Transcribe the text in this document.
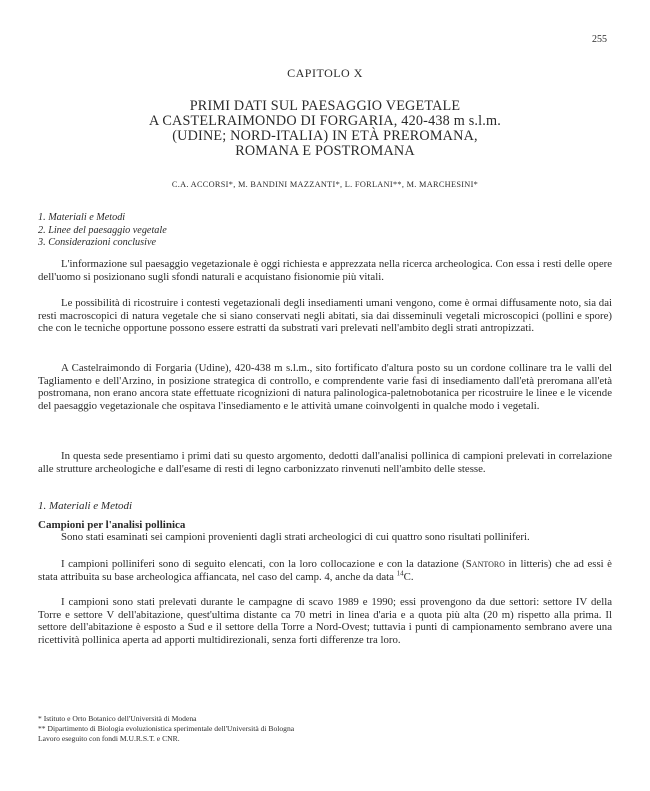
255
CAPITOLO X
PRIMI DATI SUL PAESAGGIO VEGETALE
A CASTELRAIMONDO DI FORGARIA, 420-438 m s.l.m.
(UDINE; NORD-ITALIA) IN ETÀ PREROMANA,
ROMANA E POSTROMANA
C.A. ACCORSI*, M. BANDINI MAZZANTI*, L. FORLANI**, M. MARCHESINI*
1. Materiali e Metodi
2. Linee del paesaggio vegetale
3. Considerazioni conclusive

L'informazione sul paesaggio vegetazionale è oggi richiesta e apprezzata nella ricerca archeologica. Con essa i resti delle opere dell'uomo si posizionano sugli sfondi naturali e acquistano fisionomie più vitali.

Le possibilità di ricostruire i contesti vegetazionali degli insediamenti umani vengono, come è ormai diffusamente noto, sia dai resti macroscopici di natura vegetale che si siano conservati negli abitati, sia dai disseminuli vegetali microscopici (pollini e spore) che con le tecniche opportune possono essere estratti da substrati vari prelevati nell'ambito degli strati antropizzati.

A Castelraimondo di Forgaria (Udine), 420-438 m s.l.m., sito fortificato d'altura posto su un cordone collinare tra le valli del Tagliamento e dell'Arzino, in posizione strategica di controllo, e comprendente varie fasi di insediamento dall'età preromana all'età postromana, non erano ancora state effettuate ricognizioni di natura palinologica-paletnobotanica per ricostruire le linee e le vicende del paesaggio vegetazionale che ospitava l'insediamento e le attività umane coinvolgenti in qualche modo i vegetali.

In questa sede presentiamo i primi dati su questo argomento, dedotti dall'analisi pollinica di campioni prelevati in correlazione alle strutture archeologiche e dall'esame di resti di legno carbonizzato rinvenuti nell'ambito delle stesse.

1. Materiali e Metodi
Campioni per l'analisi pollinica

Sono stati esaminati sei campioni provenienti dagli strati archeologici di cui quattro sono risultati polliniferi.

I campioni polliniferi sono di seguito elencati, con la loro collocazione e con la datazione (Santoro in litteris) che ad essi è stata attribuita su base archeologica affiancata, nel caso del camp. 4, anche da data $^{14}$C.

I campioni sono stati prelevati durante le campagne di scavo 1989 e 1990; essi provengono da due settori: settore IV della Torre e settore V dell'abitazione, quest'ultima distante ca 70 metri in linea d'aria e a quota più alta (20 m) rispetto alla prima. Il settore dell'abitazione è esposto a Sud e il settore della Torre a Nord-Ovest; tuttavia i punti di campionamento sembrano avere una ricettività pollinica aperta ad apporti multidirezionali, senza forti differenze tra loro.

* Istituto e Orto Botanico dell'Università di Modena
** Dipartimento di Biologia evoluzionistica sperimentale dell'Università di Bologna
Lavoro eseguito con fondi M.U.R.S.T. e CNR.
